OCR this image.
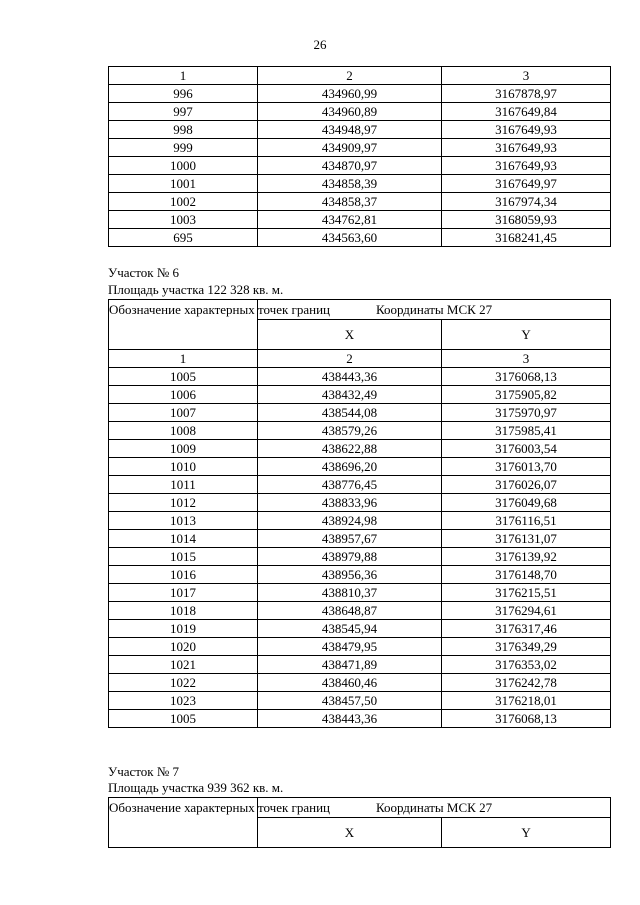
26
1	2	3
996	434960,99	3167878,97
997	434960,89	3167649,84
998	434948,97	3167649,93
999	434909,97	3167649,93
1000	434870,97	3167649,93
1001	434858,39	3167649,97
1002	434858,37	3167974,34
1003	434762,81	3168059,93
695	434563,60	3168241,45
Участок № 6
Площадь участка 122 328 кв. м.
Обозначение характерных точек границ	Координаты МСК 27	
	X	Y
1	2	3
1005	438443,36	3176068,13
1006	438432,49	3175905,82
1007	438544,08	3175970,97
1008	438579,26	3175985,41
1009	438622,88	3176003,54
1010	438696,20	3176013,70
1011	438776,45	3176026,07
1012	438833,96	3176049,68
1013	438924,98	3176116,51
1014	438957,67	3176131,07
1015	438979,88	3176139,92
1016	438956,36	3176148,70
1017	438810,37	3176215,51
1018	438648,87	3176294,61
1019	438545,94	3176317,46
1020	438479,95	3176349,29
1021	438471,89	3176353,02
1022	438460,46	3176242,78
1023	438457,50	3176218,01
1005	438443,36	3176068,13
Участок № 7
Площадь участка 939 362 кв. м.
Обозначение характерных точек границ	Координаты МСК 27	
	X	Y
